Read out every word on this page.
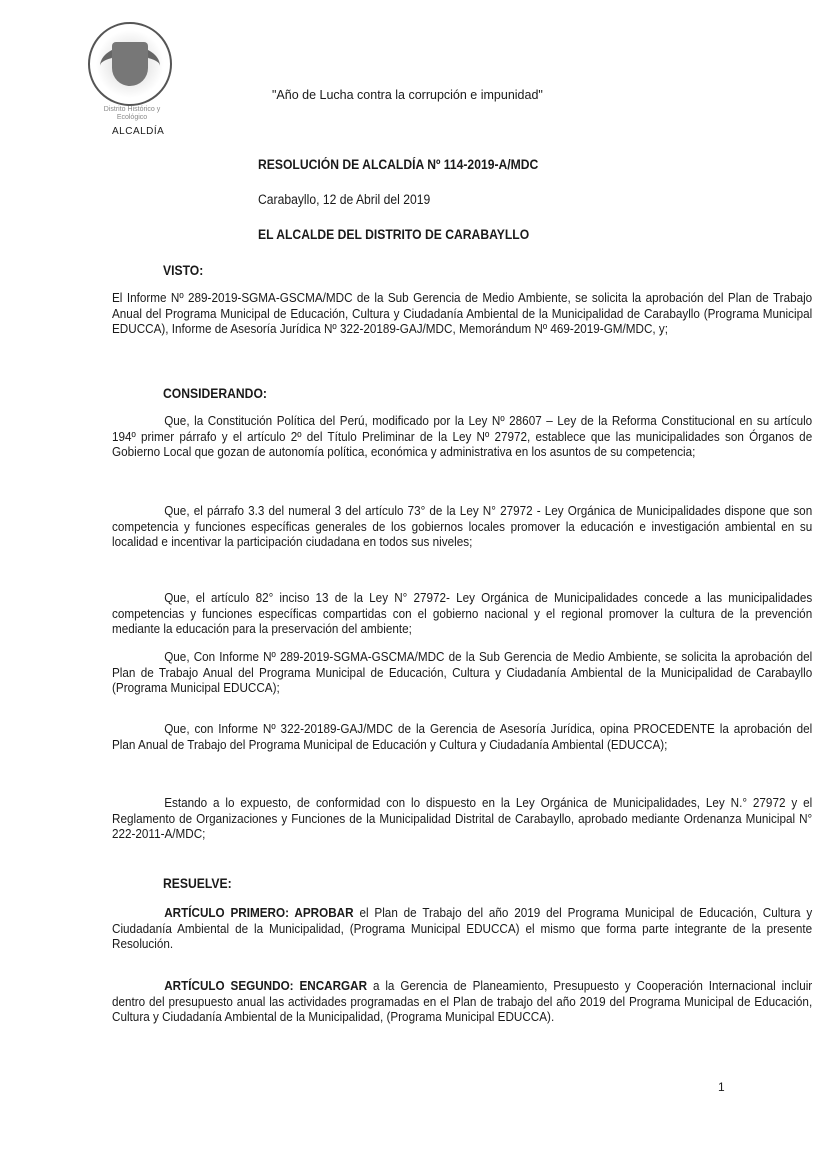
Distrito Histórico y Ecológico
ALCALDÍA
"Año de Lucha contra la corrupción e impunidad"
RESOLUCIÓN DE ALCALDÍA Nº 114-2019-A/MDC
Carabayllo, 12 de Abril del 2019
EL ALCALDE DEL DISTRITO DE CARABAYLLO
VISTO:
El Informe Nº 289-2019-SGMA-GSCMA/MDC de la Sub Gerencia de Medio Ambiente, se solicita la aprobación del Plan de Trabajo Anual del Programa Municipal de Educación, Cultura y Ciudadanía Ambiental de la Municipalidad de Carabayllo (Programa Municipal EDUCCA), Informe de Asesoría Jurídica Nº 322-20189-GAJ/MDC, Memorándum Nº 469-2019-GM/MDC, y;
CONSIDERANDO:
Que, la Constitución Política del Perú, modificado por la Ley Nº 28607 – Ley de la Reforma Constitucional en su artículo 194º primer párrafo y el artículo 2º del Título Preliminar de la Ley Nº 27972, establece que las municipalidades son Órganos de Gobierno Local que gozan de autonomía política, económica y administrativa en los asuntos de su competencia;
Que, el párrafo 3.3 del numeral 3 del artículo 73° de la Ley N° 27972 - Ley Orgánica de Municipalidades dispone que son competencia y funciones específicas generales de los gobiernos locales promover la educación e investigación ambiental en su localidad e incentivar la participación ciudadana en todos sus niveles;
Que, el artículo 82° inciso 13 de la Ley N° 27972- Ley Orgánica de Municipalidades concede a las municipalidades competencias y funciones específicas compartidas con el gobierno nacional y el regional promover la cultura de la prevención mediante la educación para la preservación del ambiente;
Que, Con Informe Nº 289-2019-SGMA-GSCMA/MDC de la Sub Gerencia de Medio Ambiente, se solicita la aprobación del Plan de Trabajo Anual del Programa Municipal de Educación, Cultura y Ciudadanía Ambiental de la Municipalidad de Carabayllo (Programa Municipal EDUCCA);
Que, con Informe Nº 322-20189-GAJ/MDC de la Gerencia de Asesoría Jurídica, opina PROCEDENTE la aprobación del Plan Anual de Trabajo del Programa Municipal de Educación y Cultura y Ciudadanía Ambiental (EDUCCA);
Estando a lo expuesto, de conformidad con lo dispuesto en la Ley Orgánica de Municipalidades, Ley N.° 27972 y el Reglamento de Organizaciones y Funciones de la Municipalidad Distrital de Carabayllo, aprobado mediante Ordenanza Municipal N° 222-2011-A/MDC;
RESUELVE:
ARTÍCULO PRIMERO: APROBAR el Plan de Trabajo del año 2019 del Programa Municipal de Educación, Cultura y Ciudadanía Ambiental de la Municipalidad, (Programa Municipal EDUCCA) el mismo que forma parte integrante de la presente Resolución.
ARTÍCULO SEGUNDO: ENCARGAR a la Gerencia de Planeamiento, Presupuesto y Cooperación Internacional incluir dentro del presupuesto anual las actividades programadas en el Plan de trabajo del año 2019 del Programa Municipal de Educación, Cultura y Ciudadanía Ambiental de la Municipalidad, (Programa Municipal EDUCCA).
1
